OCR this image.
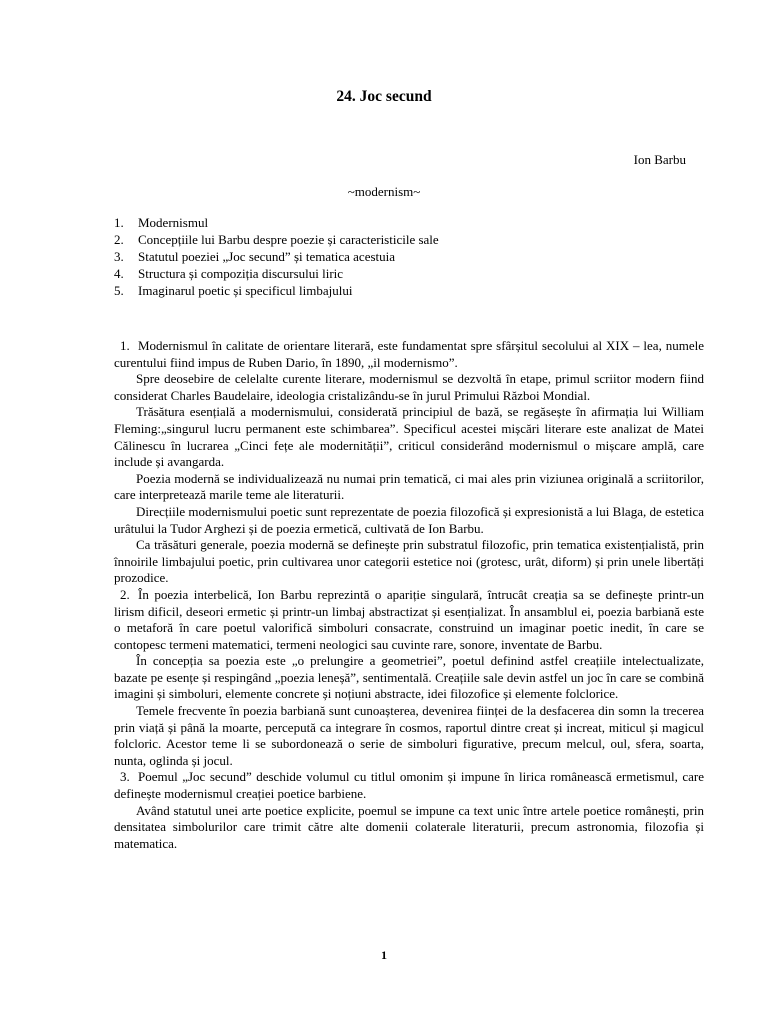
24. Joc secund
Ion Barbu
~modernism~
1. Modernismul
2. Concepțiile lui Barbu despre poezie și caracteristicile sale
3. Statutul poeziei „Joc secund” și tematica acestuia
4. Structura și compoziția discursului liric
5. Imaginarul poetic și specificul limbajului

1. Modernismul în calitate de orientare literară, este fundamentat spre sfârșitul secolului al XIX – lea, numele curentului fiind impus de Ruben Dario, în 1890, „il modernismo”.

Spre deosebire de celelalte curente literare, modernismul se dezvoltă în etape, primul scriitor modern fiind considerat Charles Baudelaire, ideologia cristalizându-se în jurul Primului Război Mondial.

Trăsătura esențială a modernismului, considerată principiul de bază, se regăsește în afirmația lui William Fleming:„singurul lucru permanent este schimbarea”. Specificul acestei mișcări literare este analizat de Matei Călinescu în lucrarea „Cinci fețe ale modernității”, criticul considerând modernismul o mișcare amplă, care include și avangarda.

Poezia modernă se individualizează nu numai prin tematică, ci mai ales prin viziunea originală a scriitorilor, care interpretează marile teme ale literaturii.

Direcțiile modernismului poetic sunt reprezentate de poezia filozofică și expresionistă a lui Blaga, de estetica urâtului la Tudor Arghezi și de poezia ermetică, cultivată de Ion Barbu.

Ca trăsături generale, poezia modernă se definește prin substratul filozofic, prin tematica existențialistă, prin înnoirile limbajului poetic, prin cultivarea unor categorii estetice noi (grotesc, urât, diform) și prin unele libertăți prozodice.

2. În poezia interbelică, Ion Barbu reprezintă o apariție singulară, întrucât creația sa se definește printr-un lirism dificil, deseori ermetic și printr-un limbaj abstractizat și esențializat. În ansamblul ei, poezia barbiană este o metaforă în care poetul valorifică simboluri consacrate, construind un imaginar poetic inedit, în care se contopesc termeni matematici, termeni neologici sau cuvinte rare, sonore, inventate de Barbu.

În concepția sa poezia este „o prelungire a geometriei”, poetul definind astfel creațiile intelectualizate, bazate pe esențe și respingând „poezia leneșă”, sentimentală. Creațiile sale devin astfel un joc în care se combină imagini și simboluri, elemente concrete și noțiuni abstracte, idei filozofice și elemente folclorice.

Temele frecvente în poezia barbiană sunt cunoașterea, devenirea ființei de la desfacerea din somn la trecerea prin viață și până la moarte, percepută ca integrare în cosmos, raportul dintre creat și increat, miticul și magicul folcloric. Acestor teme li se subordonează o serie de simboluri figurative, precum melcul, oul, sfera, soarta, nunta, oglinda și jocul.

3. Poemul „Joc secund” deschide volumul cu titlul omonim și impune în lirica românească ermetismul, care definește modernismul creației poetice barbiene.

Având statutul unei arte poetice explicite, poemul se impune ca text unic între artele poetice românești, prin densitatea simbolurilor care trimit către alte domenii colaterale literaturii, precum astronomia, filozofia și matematica.

1
